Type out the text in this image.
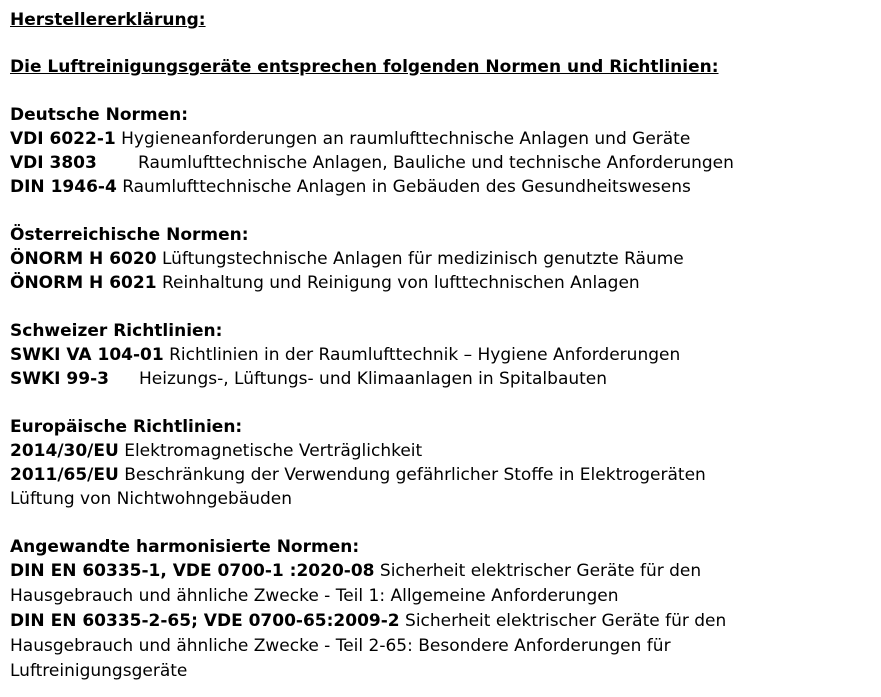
Herstellererklärung:
Die Luftreinigungsgeräte entsprechen folgenden Normen und Richtlinien:
Deutsche Normen:
VDI 6022-1 Hygieneanforderungen an raumlufttechnische Anlagen und Geräte
VDI 3803 Raumlufttechnische Anlagen, Bauliche und technische Anforderungen
DIN 1946-4 Raumlufttechnische Anlagen in Gebäuden des Gesundheitswesens
Österreichische Normen:
ÖNORM H 6020 Lüftungstechnische Anlagen für medizinisch genutzte Räume
ÖNORM H 6021 Reinhaltung und Reinigung von lufttechnischen Anlagen
Schweizer Richtlinien:
SWKI VA 104-01 Richtlinien in der Raumlufttechnik – Hygiene Anforderungen
SWKI 99-3 Heizungs-, Lüftungs- und Klimaanlagen in Spitalbauten
Europäische Richtlinien:
2014/30/EU Elektromagnetische Verträglichkeit
2011/65/EU Beschränkung der Verwendung gefährlicher Stoffe in Elektrogeräten
Lüftung von Nichtwohngebäuden
Angewandte harmonisierte Normen:
DIN EN 60335-1, VDE 0700-1 :2020-08 Sicherheit elektrischer Geräte für den
Hausgebrauch und ähnliche Zwecke - Teil 1: Allgemeine Anforderungen
DIN EN 60335-2-65; VDE 0700-65:2009-2 Sicherheit elektrischer Geräte für den
Hausgebrauch und ähnliche Zwecke - Teil 2-65: Besondere Anforderungen für
Luftreinigungsgeräte
